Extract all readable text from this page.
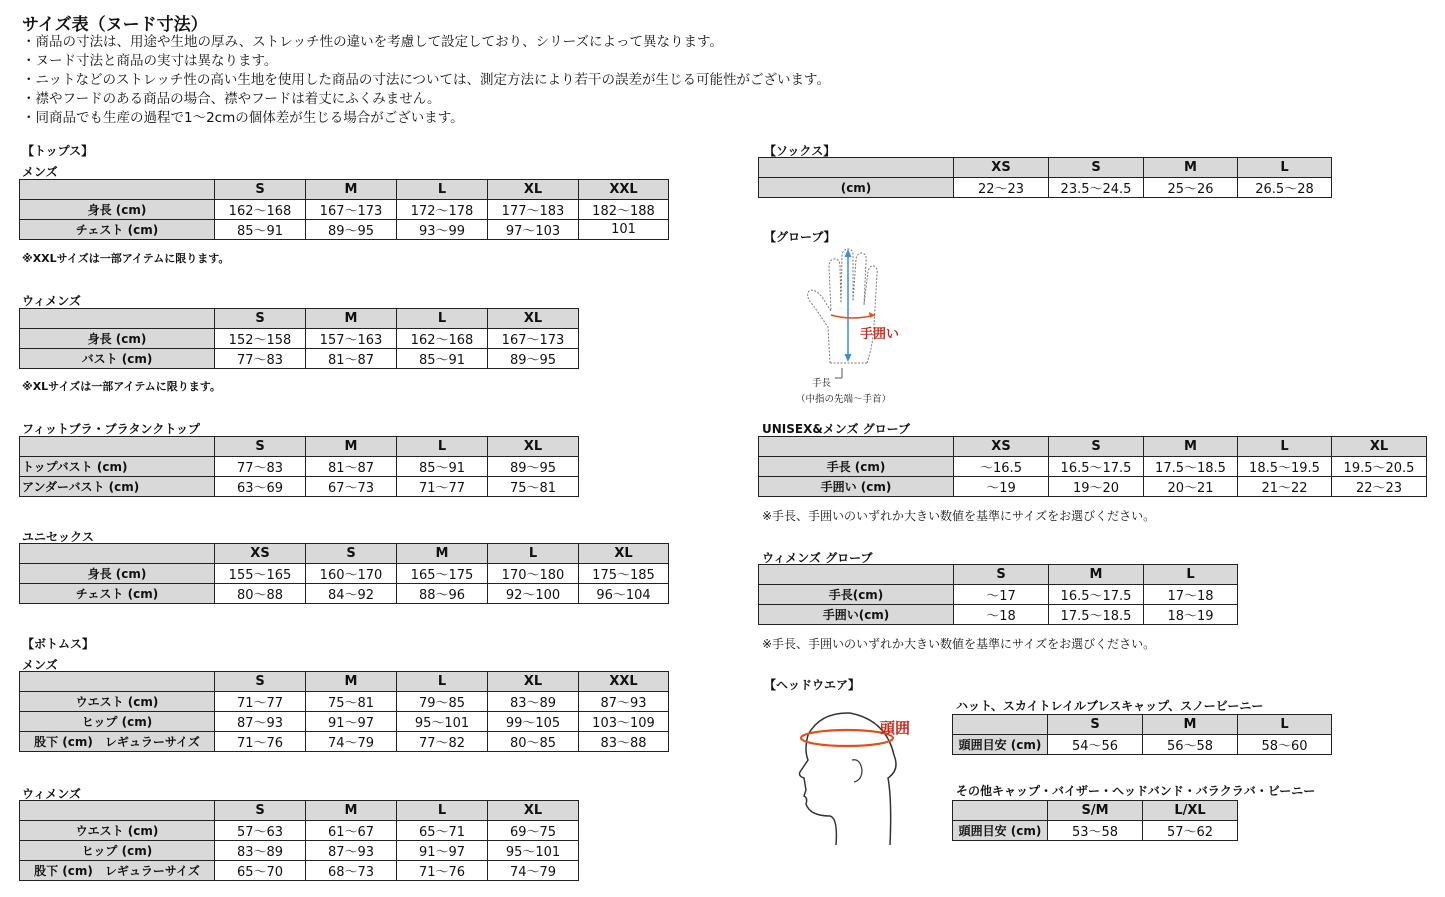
サイズ表（ヌード寸法）
・商品の寸法は、用途や生地の厚み、ストレッチ性の違いを考慮して設定しており、シリーズによって異なります。
・ヌード寸法と商品の実寸は異なります。
・ニットなどのストレッチ性の高い生地を使用した商品の寸法については、測定方法により若干の誤差が生じる可能性がございます。
・襟やフードのある商品の場合、襟やフードは着丈にふくみません。
・同商品でも生産の過程で1〜2cmの個体差が生じる場合がございます。
【トップス】
メンズ
	S	M	L	XL	XXL
身長 (cm)	162〜168	167〜173	172〜178	177〜183	182〜188
チェスト (cm)	85〜91	89〜95	93〜99	97〜103	101
※XXLサイズは一部アイテムに限ります。
ウィメンズ
	S	M	L	XL
身長 (cm)	152〜158	157〜163	162〜168	167〜173
バスト (cm)	77〜83	81〜87	85〜91	89〜95
※XLサイズは一部アイテムに限ります。
フィットブラ・ブラタンクトップ
	S	M	L	XL
トップバスト (cm)	77〜83	81〜87	85〜91	89〜95
アンダーバスト (cm)	63〜69	67〜73	71〜77	75〜81
ユニセックス
	XS	S	M	L	XL
身長 (cm)	155〜165	160〜170	165〜175	170〜180	175〜185
チェスト (cm)	80〜88	84〜92	88〜96	92〜100	96〜104
【ボトムス】
メンズ
	S	M	L	XL	XXL
ウエスト (cm)	71〜77	75〜81	79〜85	83〜89	87〜93
ヒップ (cm)	87〜93	91〜97	95〜101	99〜105	103〜109
股下 (cm)　レギュラーサイズ	71〜76	74〜79	77〜82	80〜85	83〜88
ウィメンズ
	S	M	L	XL
ウエスト (cm)	57〜63	61〜67	65〜71	69〜75
ヒップ (cm)	83〜89	87〜93	91〜97	95〜101
股下 (cm)　レギュラーサイズ	65〜70	68〜73	71〜76	74〜79
【ソックス】
	XS	S	M	L
(cm)	22〜23	23.5〜24.5	25〜26	26.5〜28
【グローブ】
手囲い
手長
（中指の先端〜手首）
UNISEX&メンズ グローブ
	XS	S	M	L	XL
手長 (cm)	〜16.5	16.5〜17.5	17.5〜18.5	18.5〜19.5	19.5〜20.5
手囲い (cm)	〜19	19〜20	20〜21	21〜22	22〜23
※手長、手囲いのいずれか大きい数値を基準にサイズをお選びください。
ウィメンズ グローブ
	S	M	L
手長(cm)	〜17	16.5〜17.5	17〜18
手囲い(cm)	〜18	17.5〜18.5	18〜19
※手長、手囲いのいずれか大きい数値を基準にサイズをお選びください。
【ヘッドウエア】
頭囲
ハット、スカイトレイルブレスキャップ、スノービーニー
	S	M	L
頭囲目安 (cm)	54〜56	56〜58	58〜60
その他キャップ・バイザー・ヘッドバンド・バラクラバ・ビーニー
	S/M	L/XL
頭囲目安 (cm)	53〜58	57〜62
